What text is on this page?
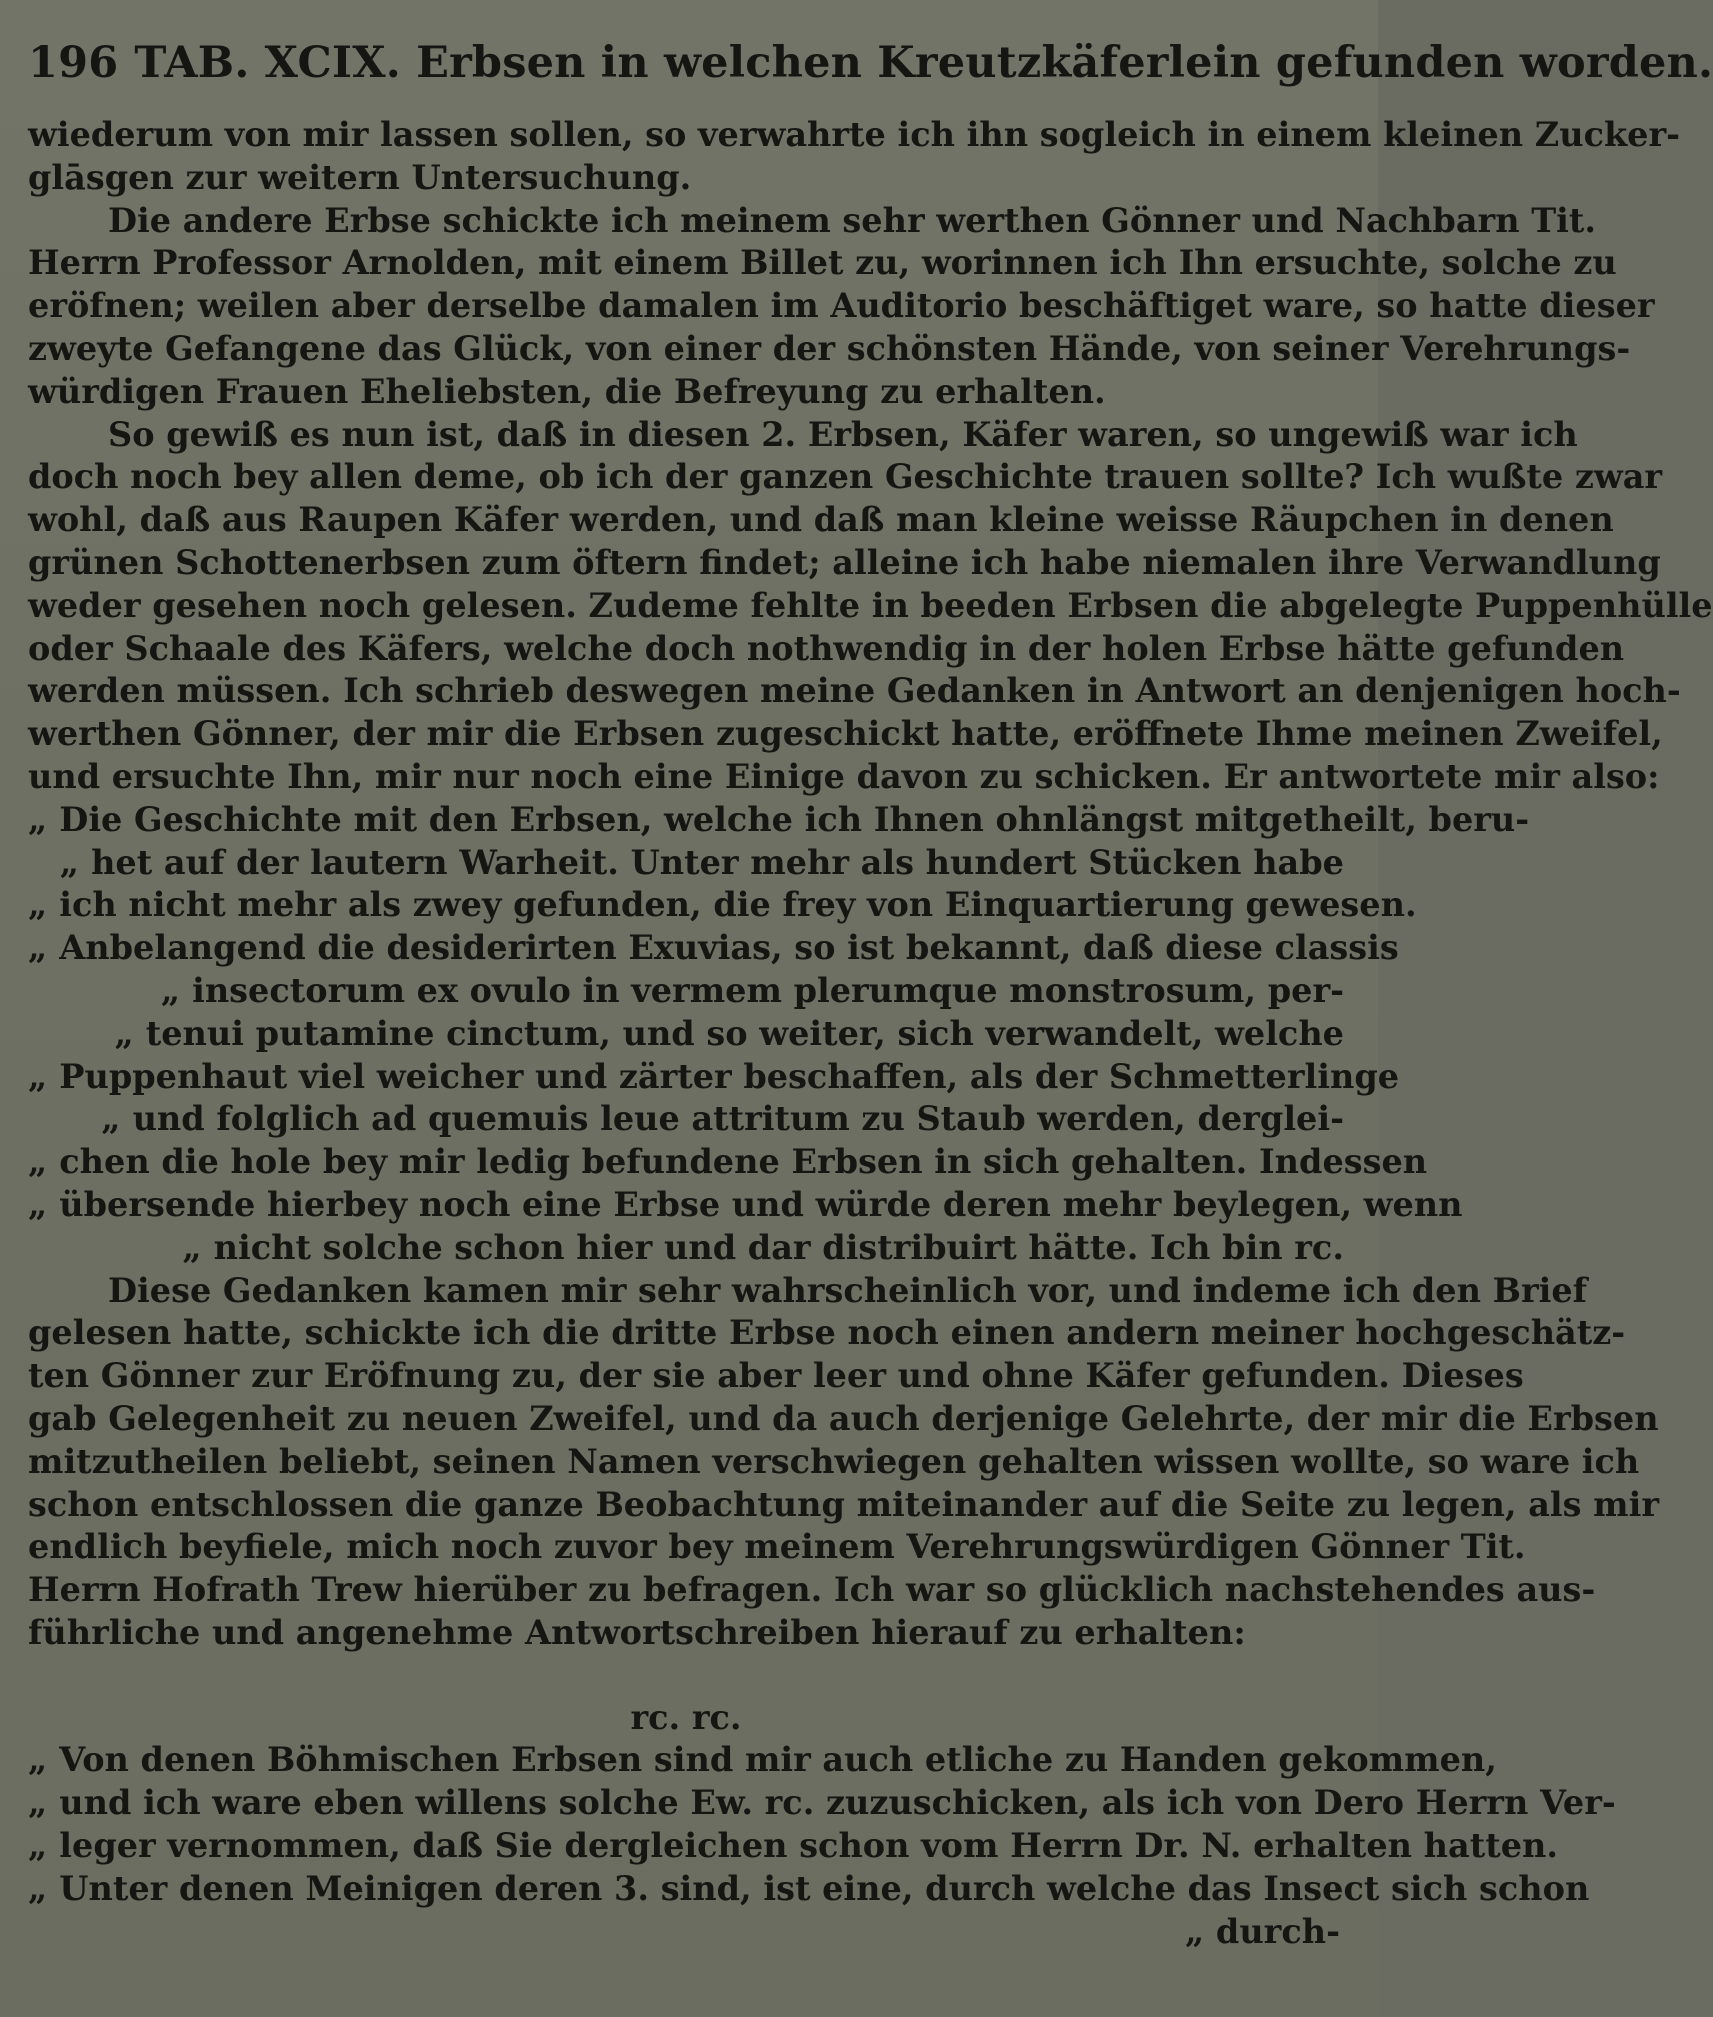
196 TAB. XCIX. Erbsen in welchen Kreutzkäferlein gefunden worden.
wiederum von mir lassen sollen, so verwahrte ich ihn sogleich in einem kleinen Zucker-
glāsgen zur weitern Untersuchung.
Die andere Erbse schickte ich meinem sehr werthen Gönner und Nachbarn Tit.
Herrn Professor Arnolden, mit einem Billet zu, worinnen ich Ihn ersuchte, solche zu
eröfnen; weilen aber derselbe damalen im Auditorio beschäftiget ware, so hatte dieser
zweyte Gefangene das Glück, von einer der schönsten Hände, von seiner Verehrungs-
würdigen Frauen Eheliebsten, die Befreyung zu erhalten.
So gewiß es nun ist, daß in diesen 2. Erbsen, Käfer waren, so ungewiß war ich
doch noch bey allen deme, ob ich der ganzen Geschichte trauen sollte? Ich wußte zwar
wohl, daß aus Raupen Käfer werden, und daß man kleine weisse Räupchen in denen
grünen Schottenerbsen zum öftern findet; alleine ich habe niemalen ihre Verwandlung
weder gesehen noch gelesen. Zudeme fehlte in beeden Erbsen die abgelegte Puppenhülle
oder Schaale des Käfers, welche doch nothwendig in der holen Erbse hätte gefunden
werden müssen. Ich schrieb deswegen meine Gedanken in Antwort an denjenigen hoch-
werthen Gönner, der mir die Erbsen zugeschickt hatte, eröffnete Ihme meinen Zweifel,
und ersuchte Ihn, mir nur noch eine Einige davon zu schicken. Er antwortete mir also:
„ Die Geschichte mit den Erbsen, welche ich Ihnen ohnlängst mitgetheilt, beru-
„ het auf der lautern Warheit. Unter mehr als hundert Stücken habe
„ ich nicht mehr als zwey gefunden, die frey von Einquartierung gewesen.
„ Anbelangend die desiderirten Exuvias, so ist bekannt, daß diese classis
„ insectorum ex ovulo in vermem plerumque monstrosum, per-
„ tenui putamine cinctum, und so weiter, sich verwandelt, welche
„ Puppenhaut viel weicher und zärter beschaffen, als der Schmetterlinge
„ und folglich ad quemuis leue attritum zu Staub werden, derglei-
„ chen die hole bey mir ledig befundene Erbsen in sich gehalten. Indessen
„ übersende hierbey noch eine Erbse und würde deren mehr beylegen, wenn
„ nicht solche schon hier und dar distribuirt hätte. Ich bin rc.
Diese Gedanken kamen mir sehr wahrscheinlich vor, und indeme ich den Brief
gelesen hatte, schickte ich die dritte Erbse noch einen andern meiner hochgeschätz-
ten Gönner zur Eröfnung zu, der sie aber leer und ohne Käfer gefunden. Dieses
gab Gelegenheit zu neuen Zweifel, und da auch derjenige Gelehrte, der mir die Erbsen
mitzutheilen beliebt, seinen Namen verschwiegen gehalten wissen wollte, so ware ich
schon entschlossen die ganze Beobachtung miteinander auf die Seite zu legen, als mir
endlich beyfiele, mich noch zuvor bey meinem Verehrungswürdigen Gönner Tit.
Herrn Hofrath Trew hierüber zu befragen. Ich war so glücklich nachstehendes aus-
führliche und angenehme Antwortschreiben hierauf zu erhalten:
rc. rc.
„ Von denen Böhmischen Erbsen sind mir auch etliche zu Handen gekommen,
„ und ich ware eben willens solche Ew. rc. zuzuschicken, als ich von Dero Herrn Ver-
„ leger vernommen, daß Sie dergleichen schon vom Herrn Dr. N. erhalten hatten.
„ Unter denen Meinigen deren 3. sind, ist eine, durch welche das Insect sich schon
„ durch-
